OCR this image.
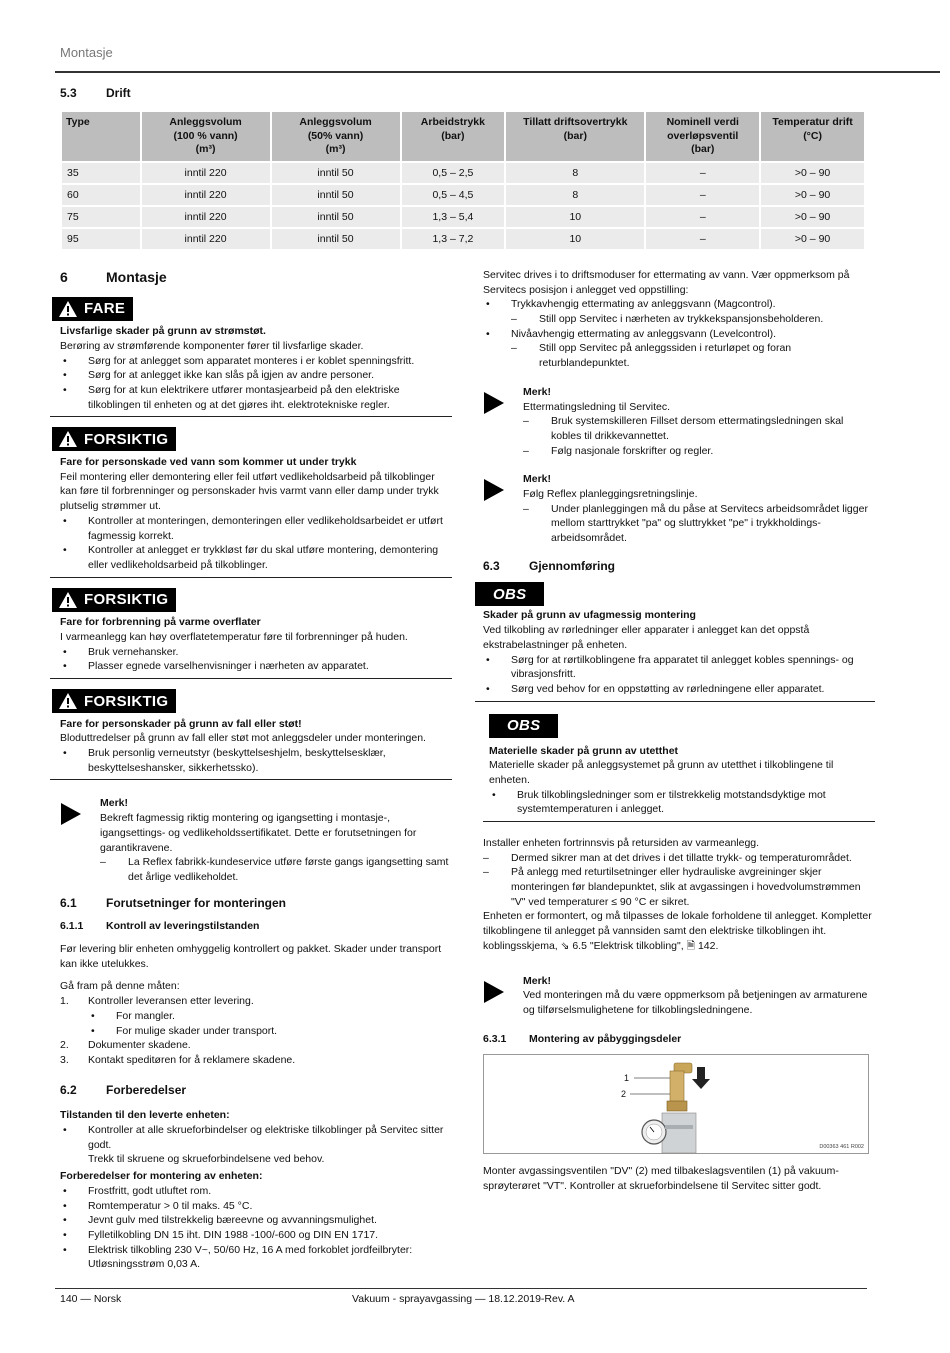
Montasje
5.3	Drift
Type	Anleggsvolum
(100 % vann)
(m³)	Anleggsvolum
(50% vann)
(m³)	Arbeidstrykk
(bar)	Tillatt driftsovertrykk
(bar)	Nominell verdi
overløpsventil
(bar)	Temperatur drift
(°C)
35	inntil 220	inntil 50	0,5 – 2,5	8	–	>0 – 90
60	inntil 220	inntil 50	0,5 – 4,5	8	–	>0 – 90
75	inntil 220	inntil 50	1,3 – 5,4	10	–	>0 – 90
95	inntil 220	inntil 50	1,3 – 7,2	10	–	>0 – 90
6	Montasje
FARE
Livsfarlige skader på grunn av strømstøt.
Berøring av strømførende komponenter fører til livsfarlige skader.
• Sørg for at anlegget som apparatet monteres i er koblet spenningsfritt.
• Sørg for at anlegget ikke kan slås på igjen av andre personer.
• Sørg for at kun elektrikere utfører montasjearbeid på den elektriske tilkoblingen til enheten og at det gjøres iht. elektrotekniske regler.
FORSIKTIG
Fare for personskade ved vann som kommer ut under trykk
Feil montering eller demontering eller feil utført vedlikeholdsarbeid på tilkoblinger kan føre til forbrenninger og personskader hvis varmt vann eller damp under trykk plutselig strømmer ut.
• Kontroller at monteringen, demonteringen eller vedlikeholdsarbeidet er utført fagmessig korrekt.
• Kontroller at anlegget er trykkløst før du skal utføre montering, demontering eller vedlikeholdsarbeid på tilkoblinger.
FORSIKTIG
Fare for forbrenning på varme overflater
I varmeanlegg kan høy overflatetemperatur føre til forbrenninger på huden.
• Bruk vernehansker.
• Plasser egnede varselhenvisninger i nærheten av apparatet.
FORSIKTIG
Fare for personskader på grunn av fall eller støt!
Bloduttredelser på grunn av fall eller støt mot anleggsdeler under monteringen.
• Bruk personlig verneutstyr (beskyttelseshjelm, beskyttelsesklær, beskyttelseshansker, sikkerhetssko).
Merk!
Bekreft fagmessig riktig montering og igangsetting i montasje-, igangsettings- og vedlikeholdssertifikatet. Dette er forutsetningen for garantikravene.
– La Reflex fabrikk-kundeservice utføre første gangs igangsetting samt det årlige vedlikeholdet.
6.1	Forutsetninger for monteringen
6.1.1	Kontroll av leveringstilstanden
Før levering blir enheten omhyggelig kontrollert og pakket. Skader under transport kan ikke utelukkes.
Gå fram på denne måten:
1. Kontroller leveransen etter levering.
• For mangler.
• For mulige skader under transport.
2. Dokumenter skadene.
3. Kontakt speditøren for å reklamere skadene.
6.2	Forberedelser
Tilstanden til den leverte enheten:
• Kontroller at alle skrueforbindelser og elektriske tilkoblinger på Servitec sitter godt.
Trekk til skruene og skrueforbindelsene ved behov.
Forberedelser for montering av enheten:
• Frostfritt, godt utluftet rom.
• Romtemperatur > 0 til maks. 45 °C.
• Jevnt gulv med tilstrekkelig bæreevne og avvanningsmulighet.
• Fylletilkobling DN 15 iht. DIN 1988 -100/-600 og DIN EN 1717.
• Elektrisk tilkobling 230 V~, 50/60 Hz, 16 A med forkoblet jordfeilbryter: Utløsningsstrøm 0,03 A.
Servitec drives i to driftsmoduser for ettermating av vann. Vær oppmerksom på Servitecs posisjon i anlegget ved oppstilling:
• Trykkavhengig ettermating av anleggsvann (Magcontrol).
– Still opp Servitec i nærheten av trykkekspansjonsbeholderen.
• Nivåavhengig ettermating av anleggsvann (Levelcontrol).
– Still opp Servitec på anleggssiden i returløpet og foran returblandepunktet.
Merk!
Ettermatingsledning til Servitec.
– Bruk systemskilleren Fillset dersom ettermatingsledningen skal kobles til drikkevannettet.
– Følg nasjonale forskrifter og regler.
Merk!
Følg Reflex planleggingsretningslinje.
– Under planleggingen må du påse at Servitecs arbeidsområdet ligger mellom starttrykket "pa" og sluttrykket "pe" i trykkholdings-arbeidsområdet.
6.3	Gjennomføring
OBS
Skader på grunn av ufagmessig montering
Ved tilkobling av rørledninger eller apparater i anlegget kan det oppstå ekstrabelastninger på enheten.
• Sørg for at rørtilkoblingene fra apparatet til anlegget kobles spennings- og vibrasjonsfritt.
• Sørg ved behov for en oppstøtting av rørledningene eller apparatet.
OBS
Materielle skader på grunn av utetthet
Materielle skader på anleggsystemet på grunn av utetthet i tilkoblingene til enheten.
• Bruk tilkoblingsledninger som er tilstrekkelig motstandsdyktige mot systemtemperaturen i anlegget.
Installer enheten fortrinnsvis på retursiden av varmeanlegg.
– Dermed sikrer man at det drives i det tillatte trykk- og temperaturområdet.
– På anlegg med returtilsetninger eller hydrauliske avgreininger skjer monteringen før blandepunktet, slik at avgassingen i hovedvolumstrømmen "V" ved temperaturer ≤ 90 °C er sikret.
Enheten er formontert, og må tilpasses de lokale forholdene til anlegget. Kompletter tilkoblingene til anlegget på vannsiden samt den elektriske tilkoblingen iht. koblingsskjema, ⇘ 6.5 "Elektrisk tilkobling", 🗎 142.
Merk!
Ved monteringen må du være oppmerksom på betjeningen av armaturene og tilførselsmulighetene for tilkoblingsledningene.
6.3.1	Montering av påbyggingsdeler
1
2
D00363 461 R002
Monter avgassingsventilen "DV" (2) med tilbakeslagsventilen (1) på vakuum-sprøyterøret "VT". Kontroller at skrueforbindelsene til Servitec sitter godt.
140 — Norsk	Vakuum - sprayavgassing — 18.12.2019-Rev. A
